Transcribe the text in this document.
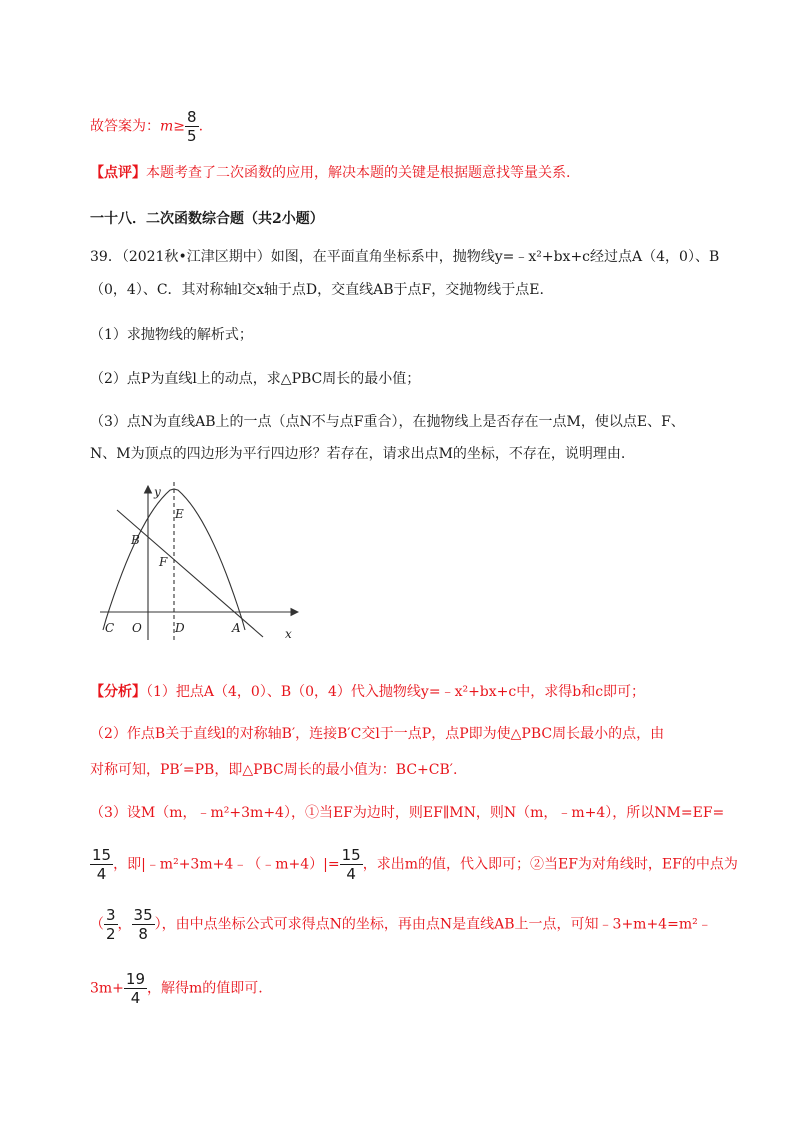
故答案为：$m\ge \frac{8}{5}$ .
【点评】本题考查了二次函数的应用，解决本题的关键是根据题意找等量关系.
一十八．二次函数综合题（共2小题）
39．（2021秋•江津区期中）如图，在平面直角坐标系中，抛物线y=﹣x²+bx+c经过点A（4，0）、B
（0，4）、C．其对称轴l交x轴于点D，交直线AB于点F，交抛物线于点E.
（1）求抛物线的解析式；
（2）点P为直线l上的动点，求△PBC周长的最小值；
（3）点N为直线AB上的一点（点N不与点F重合），在抛物线上是否存在一点M，使以点E、F、
N、M为顶点的四边形为平行四边形？若存在，请求出点M的坐标，不存在，说明理由.
y
x
E
B
F
C O	D	A
【分析】（1）把点A（4，0）、B（0，4）代入抛物线y=﹣x²+bx+c中，求得b和c即可；
（2）作点B关于直线l的对称轴B′，连接B′C交l于一点P，点P即为使△PBC周长最小的点，由
对称可知，PB′=PB，即△PBC周长的最小值为：BC+CB′.
（3）设M（m，﹣m²+3m+4），①当EF为边时，则EF∥MN，则N（m，﹣m+4），所以NM=EF=
$\frac{15}{4}$ ，即|﹣m²+3m+4﹣（﹣m+4）|= $\frac{15}{4}$ ，求出m的值，代入即可；②当EF为对角线时，EF的中点为
（ $\frac{3}{2}$ ， $\frac{35}{8}$ ），由中点坐标公式可求得点N的坐标，再由点N是直线AB上一点，可知﹣3+m+4=m²﹣
$3m+ \frac{19}{4}$ ，解得m的值即可.
